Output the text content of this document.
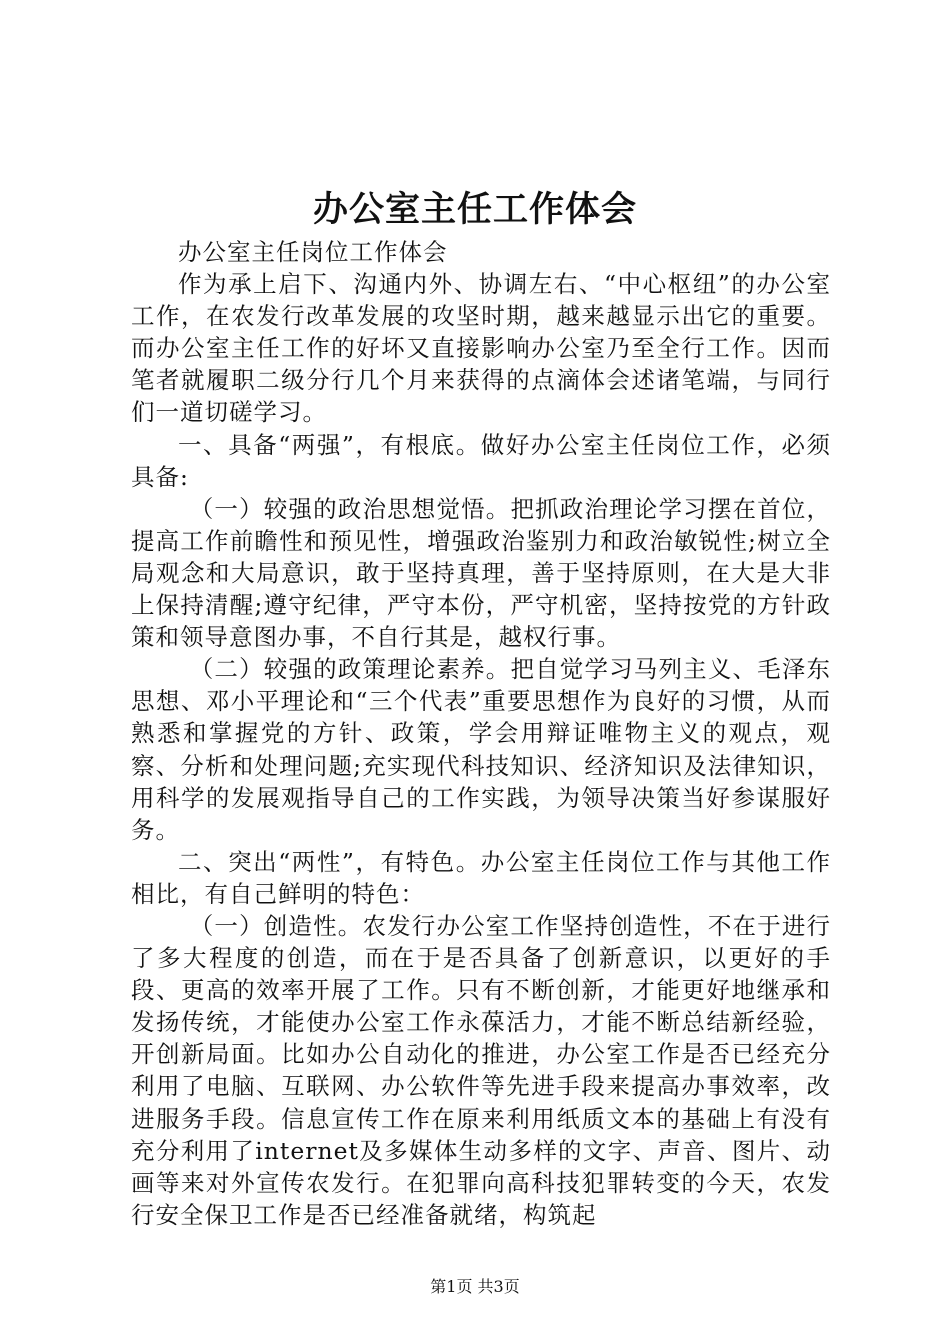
办公室主任工作体会

办公室主任岗位工作体会

作为承上启下、沟通内外、协调左右、“中心枢纽”的办公室工作，在农发行改革发展的攻坚时期，越来越显示出它的重要。而办公室主任工作的好坏又直接影响办公室乃至全行工作。因而笔者就履职二级分行几个月来获得的点滴体会述诸笔端，与同行们一道切磋学习。

一、具备“两强”，有根底。做好办公室主任岗位工作，必须具备:

（一）较强的政治思想觉悟。把抓政治理论学习摆在首位，提高工作前瞻性和预见性，增强政治鉴别力和政治敏锐性;树立全局观念和大局意识，敢于坚持真理，善于坚持原则，在大是大非上保持清醒;遵守纪律，严守本份，严守机密，坚持按党的方针政策和领导意图办事，不自行其是，越权行事。

（二）较强的政策理论素养。把自觉学习马列主义、毛泽东思想、邓小平理论和“三个代表”重要思想作为良好的习惯，从而熟悉和掌握党的方针、政策，学会用辩证唯物主义的观点，观察、分析和处理问题;充实现代科技知识、经济知识及法律知识，用科学的发展观指导自己的工作实践，为领导决策当好参谋服好务。

二、突出“两性”，有特色。办公室主任岗位工作与其他工作相比，有自己鲜明的特色：

（一）创造性。农发行办公室工作坚持创造性，不在于进行了多大程度的创造，而在于是否具备了创新意识，以更好的手段、更高的效率开展了工作。只有不断创新，才能更好地继承和发扬传统，才能使办公室工作永葆活力，才能不断总结新经验，开创新局面。比如办公自动化的推进，办公室工作是否已经充分利用了电脑、互联网、办公软件等先进手段来提高办事效率，改进服务手段。信息宣传工作在原来利用纸质文本的基础上有没有充分利用了internet及多媒体生动多样的文字、声音、图片、动画等来对外宣传农发行。在犯罪向高科技犯罪转变的今天，农发行安全保卫工作是否已经准备就绪，构筑起

第1页 共3页
